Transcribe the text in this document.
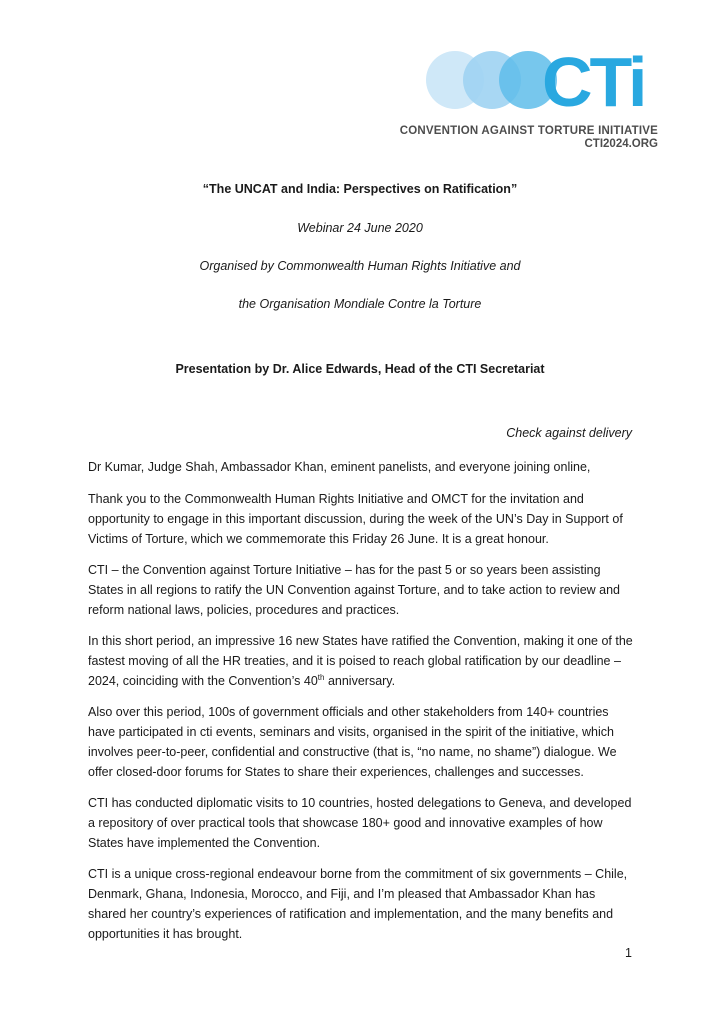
CTi
CONVENTION AGAINST TORTURE INITIATIVE
CTI2024.ORG
“The UNCAT and India: Perspectives on Ratification”
Webinar 24 June 2020
Organised by Commonwealth Human Rights Initiative and
the Organisation Mondiale Contre la Torture
Presentation by Dr. Alice Edwards, Head of the CTI Secretariat
Check against delivery

Dr Kumar, Judge Shah, Ambassador Khan, eminent panelists, and everyone joining online,

Thank you to the Commonwealth Human Rights Initiative and OMCT for the invitation and opportunity to engage in this important discussion, during the week of the UN’s Day in Support of Victims of Torture, which we commemorate this Friday 26 June. It is a great honour.

CTI – the Convention against Torture Initiative – has for the past 5 or so years been assisting States in all regions to ratify the UN Convention against Torture, and to take action to review and reform national laws, policies, procedures and practices.

In this short period, an impressive 16 new States have ratified the Convention, making it one of the fastest moving of all the HR treaties, and it is poised to reach global ratification by our deadline – 2024, coinciding with the Convention’s 40th anniversary.

Also over this period, 100s of government officials and other stakeholders from 140+ countries have participated in cti events, seminars and visits, organised in the spirit of the initiative, which involves peer-to-peer, confidential and constructive (that is, “no name, no shame”) dialogue. We offer closed-door forums for States to share their experiences, challenges and successes.

CTI has conducted diplomatic visits to 10 countries, hosted delegations to Geneva, and developed a repository of over practical tools that showcase 180+ good and innovative examples of how States have implemented the Convention.

CTI is a unique cross-regional endeavour borne from the commitment of six governments – Chile, Denmark, Ghana, Indonesia, Morocco, and Fiji, and I’m pleased that Ambassador Khan has shared her country’s experiences of ratification and implementation, and the many benefits and opportunities it has brought.

1
